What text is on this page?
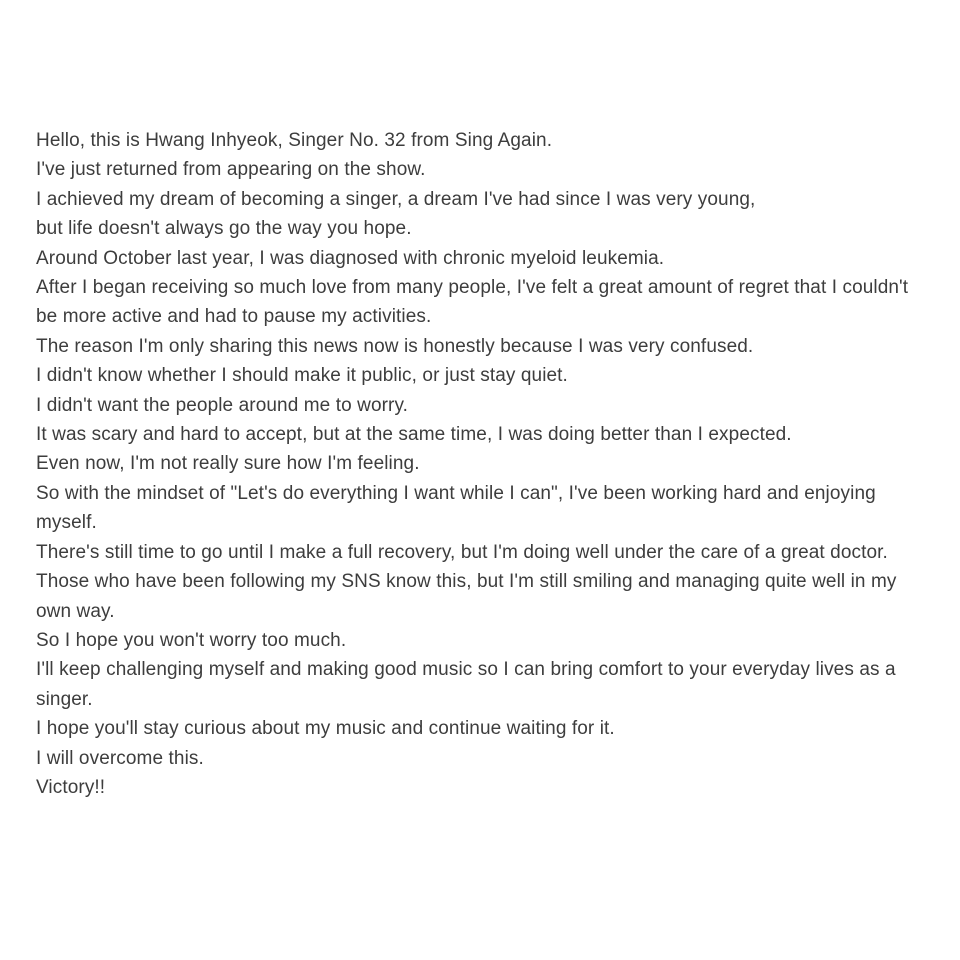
Hello, this is Hwang Inhyeok, Singer No. 32 from Sing Again.

I've just returned from appearing on the show.

I achieved my dream of becoming a singer, a dream I've had since I was very young,

but life doesn't always go the way you hope.

Around October last year, I was diagnosed with chronic myeloid leukemia.

After I began receiving so much love from many people, I've felt a great amount of regret that I couldn't be more active and had to pause my activities.

The reason I'm only sharing this news now is honestly because I was very confused.

I didn't know whether I should make it public, or just stay quiet.

I didn't want the people around me to worry.

It was scary and hard to accept, but at the same time, I was doing better than I expected.

Even now, I'm not really sure how I'm feeling.

So with the mindset of "Let's do everything I want while I can", I've been working hard and enjoying myself.

There's still time to go until I make a full recovery, but I'm doing well under the care of a great doctor.

Those who have been following my SNS know this, but I'm still smiling and managing quite well in my own way.

So I hope you won't worry too much.

I'll keep challenging myself and making good music so I can bring comfort to your everyday lives as a singer.

I hope you'll stay curious about my music and continue waiting for it.

I will overcome this.

Victory!!
